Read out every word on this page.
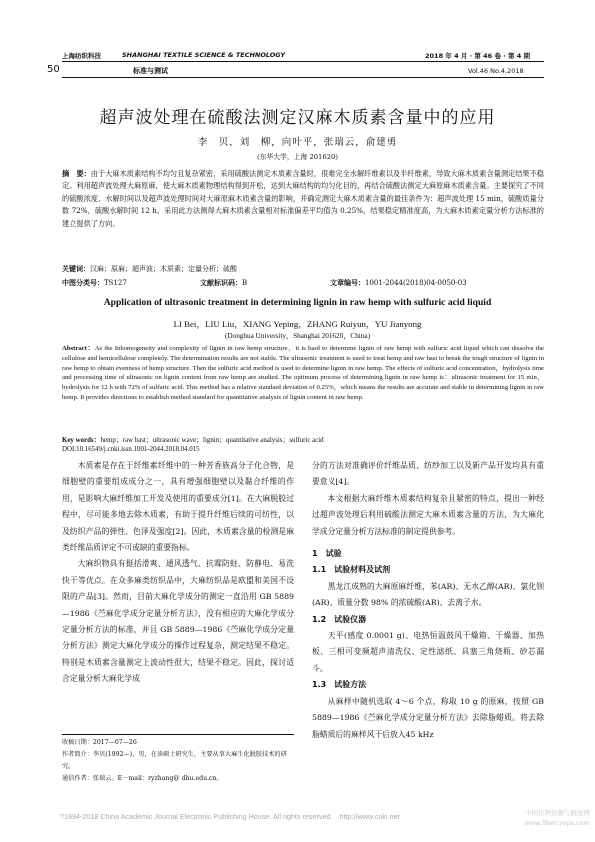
上海纺织科技	SHANGHAI TEXTILE SCIENCE & TECHNOLOGY	2018 年 4 月 · 第 46 卷 · 第 4 期
50	标准与测试	Vol.46 No.4,2018
超声波处理在硫酸法测定汉麻木质素含量中的应用
李　贝，刘　柳，向叶平，张瑞云，俞建勇
(东华大学，上海 201620)
摘　要：由于大麻木质素结构不均匀且复杂紧密，采用硫酸法测定木质素含量时，很难完全水解纤维素以及半纤维素，导致大麻木质素含量测定结果不稳定。利用超声波处理大麻原麻，使大麻木质素物理结构得到开松，达到大麻结构的均匀化目的，再结合硫酸法测定大麻原麻木质素含量。主要探究了不同的硫酸浓度、水解时间以及超声波处理时间对大麻原麻木质素含量的影响，并确定测定大麻木质素含量的最佳条件为：超声波处理 15 min，硫酸质量分数 72%，硫酸水解时间 12 h。采用此方法测得大麻木质素含量相对标准偏差平均值为 0.25%，结果稳定精准度高，为大麻木质素定量分析方法标准的建立提供了方向。
关键词：汉麻；原麻；超声波；木质素；定量分析；硫酸
中图分类号：TS127	文献标识码：B	文章编号：1001-2044(2018)04-0050-03
Application of ultrasonic treatment in determining lignin in raw hemp with sulfuric acid liquid
LI Bei，LIU Liu，XIANG Yeping，ZHANG Ruiyun，YU Jianyong
(Donghua University，Shanghai 201620，China)
Abstract：As the Inhomogeneity and complexity of lignin in raw hemp structure，it is hard to determine lignin of raw hemp with sulfuric acid liquid which can dissolve the cellulose and hemicellulose completely. The determination results are not stable. The ultrasonic treatment is used to treat hemp and raw bast to break the tough structure of lignin in raw hemp to obtain evenness of hemp structure. Then the sulfuric acid method is used to determine lignin in raw hemp. The effects of sulfuric acid concentration，hydrolysis time and processing time of ultrasonic on lignin content from raw hemp are studied. The optimum process of determining lignin in raw hemp is：ultrasonic treatment for 15 min，hydrolysis for 12 h with 72% of sulfuric acid. This method has a relative standard deviation of 0.25%，which means the results are accurate and stable in determining lignin in raw hemp. It provides directions to establish method standard for quantitative analysis of lignin content in raw hemp.
Key words：hemp；raw bast；ultrasonic wave；lignin；quantitative analysis；sulfuric acid
DOI:10.16549/j.cnki.issn.1001-2044.2018.04.015

木质素是存在于纤维素纤维中的一种芳香族高分子化合物，是细胞壁的重要组成成分之一，具有增强细胞壁以及黏合纤维的作用，是影响大麻纤维加工开发及使用的重要成分[1]。在大麻脱胶过程中，尽可能多地去除木质素，有助于提升纤维后续的可纺性，以及纺织产品的弹性、色泽及强度[2]。因此，木质素含量的检测是麻类纤维品质评定不可或缺的重要指标。

大麻织物具有挺括滑爽、通风透气、抗霉防蛀、防静电、易洗快干等优点。在众多麻类纺织品中，大麻纺织品是欧盟和美国不设限的产品[3]。然而，目前大麻化学成分的测定一直沿用 GB 5889—1986《苎麻化学成分定量分析方法》，没有相应的大麻化学成分定量分析方法的标准，并且 GB 5889—1986《苎麻化学成分定量分析方法》测定大麻化学成分的操作过程复杂，测定结果不稳定。特别是木质素含量测定上波动性很大，结果不稳定。因此，探讨适合定量分析大麻化学成

收稿日期：2017—07—26
作者简介：李贝(1992—)，男，在读硕士研究生，主要从事大麻生化脱胶技术的研究。
通信作者：张瑞云。E－mail：ryzhang@ dhu.edu.cn。

分的方法对准确评价纤维品质、纺纱加工以及新产品开发均具有重要意义[4]。

本文根据大麻纤维木质素结构复杂且紧密的特点，提出一种经过超声波处理后利用硫酸法测定大麻木质素含量的方法，为大麻化学成分定量分析方法标准的制定提供参考。

1　试验
1.1　试验材料及试剂

黑龙江成熟的大麻原麻纤维，苯(AR)、无水乙醇(AR)、氯化钡(AR)、质量分数 98% 的浓硫酸(AR)、去离子水。

1.2　试验仪器

天平(感度 0.0001 g)、电热恒温鼓风干燥箱、干燥器、加热板、三相可变频超声清洗仪、定性滤纸、具塞三角烧瓶、砂芯漏斗。

1.3　试验方法

从麻样中随机选取 4～6 个点，称取 10 g 的原麻，按照 GB 5889—1986《苎麻化学成分定量分析方法》去除脂蜡质。将去除脂蜡质后的麻样风干后放入45 kHz

?1994-2018 China Academic Journal Electronic Publishing House. All rights reserved.　http://www.cnki.net	中国作物资源与脱氢网 www.fibercrops.com
